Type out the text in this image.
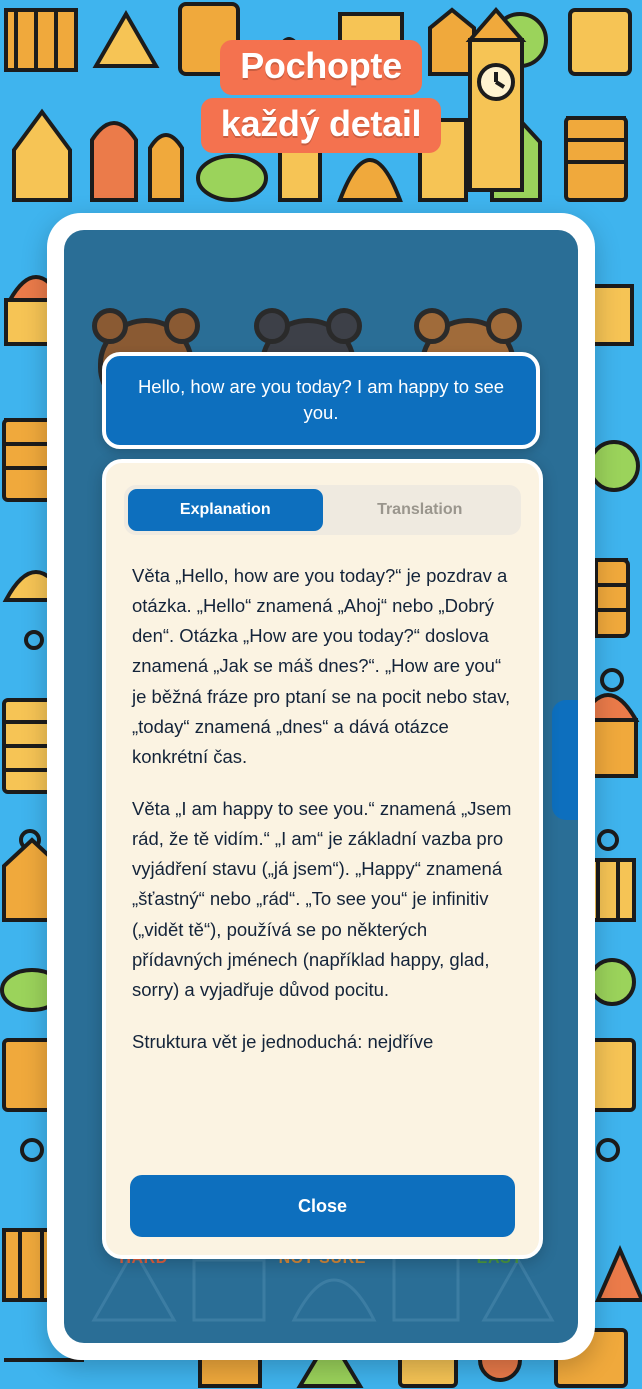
Pochopte
každý detail
Hello, how are you today? I am happy to see you.
Explanation	Translation

Věta „Hello, how are you today?“ je pozdrav a otázka. „Hello“ znamená „Ahoj“ nebo „Dobrý den“. Otázka „How are you today?“ doslova znamená „Jak se máš dnes?“. „How are you“ je běžná fráze pro ptaní se na pocit nebo stav, „today“ znamená „dnes“ a dává otázce konkrétní čas.

Věta „I am happy to see you.“ znamená „Jsem rád, že tě vidím.“ „I am“ je základní vazba pro vyjádření stavu („já jsem“). „Happy“ znamená „šťastný“ nebo „rád“. „To see you“ je infinitiv („vidět tě“), používá se po některých přídavných jménech (například happy, glad, sorry) a vyjadřuje důvod pocitu.

Struktura vět je jednoduchá: nejdříve

Close
